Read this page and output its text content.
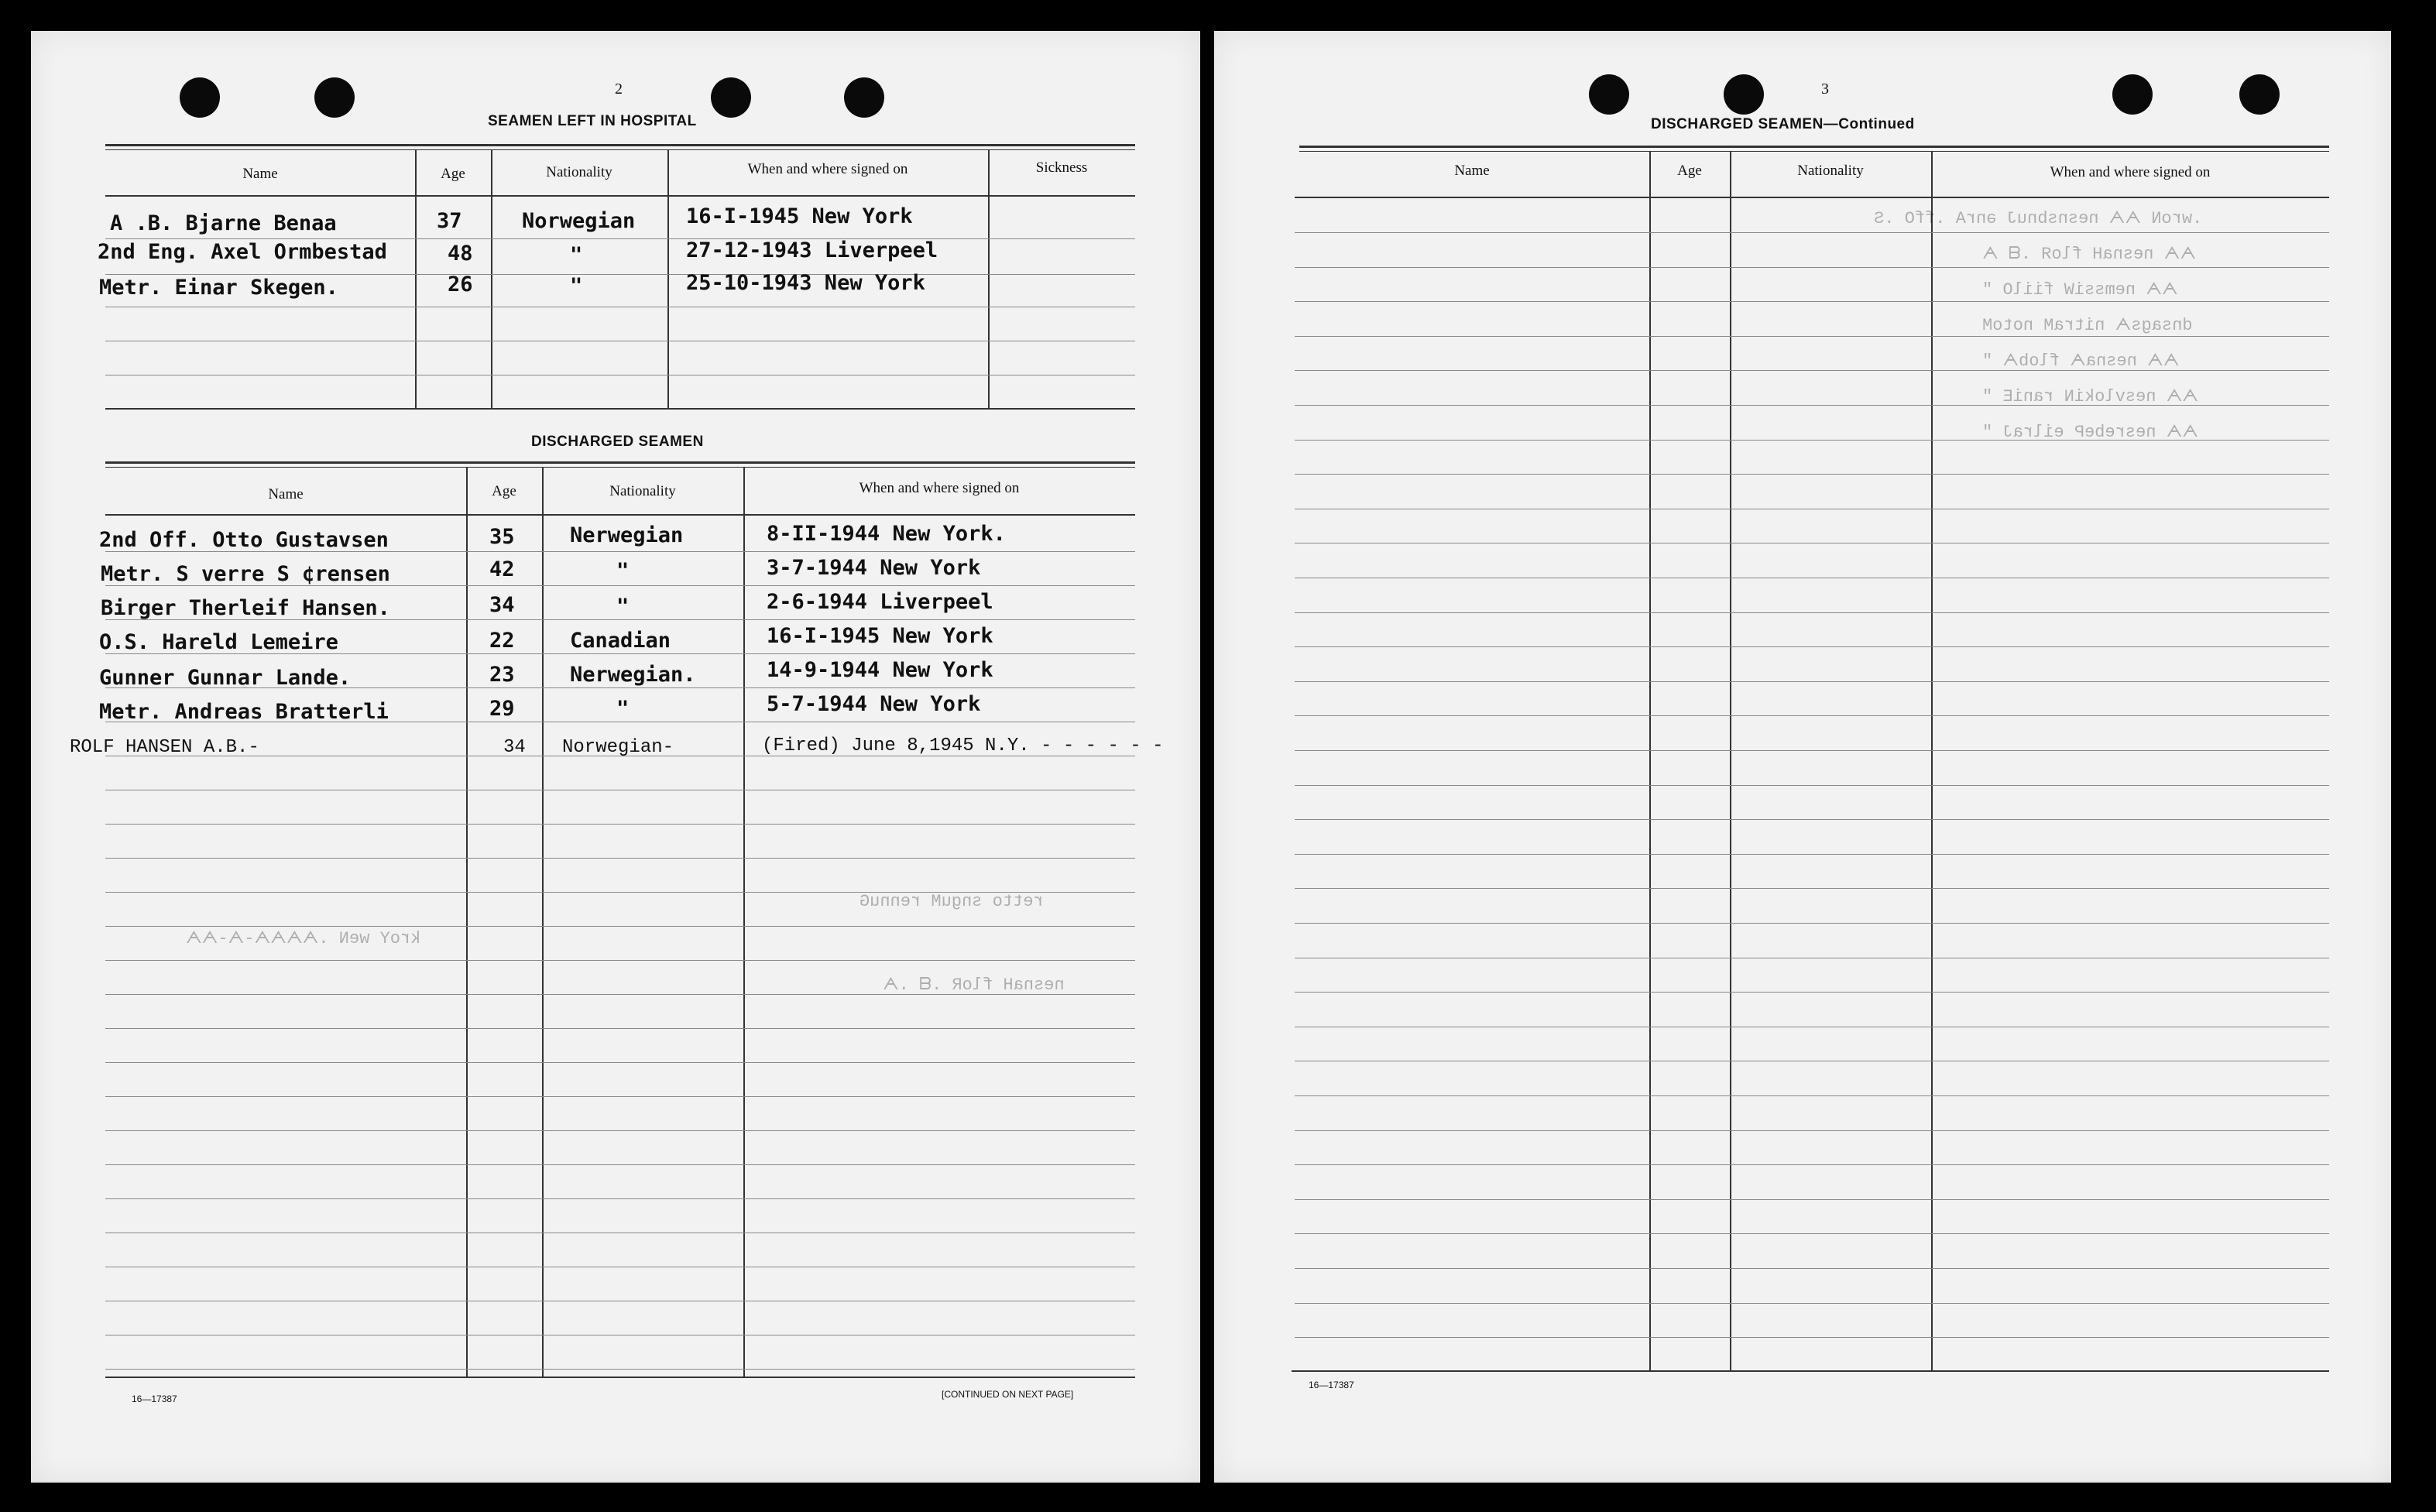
2
SEAMEN LEFT IN HOSPITAL
Name	Age	Nationality	When and where signed on	Sickness
A .B. Bjarne Benaa	37	Norwegian 16-I-1945 New York
2nd Eng. Axel Ormbestad	48	"	27-12-1943 Liverpeel
Metr. Einar Skegen.	26	"	25-10-1943 New York
DISCHARGED SEAMEN
Name	Age	Nationality	When and where signed on
2nd Off. Otto Gustavsen	35	Nerwegian	8-II-1944 New York.
Metr. S verre S ¢rensen	42	"	3-7-1944 New York
Birger Therleif Hansen.	34	"	2-6-1944 Liverpeel
O.S. Hareld Lemeire	22	Canadian	16-I-1945 New York
Gunner Gunnar Lande.	23	Nerwegian.	14-9-1944 New York
Metr. Andreas Bratterli	29	"	5-7-1944 New York
ROLF HANSEN A.B.-	34 Norwegian-	(Fired) June 8,1945 N.Y. - - - - - -
16—17387	[CONTINUED ON NEXT PAGE]
3
DISCHARGED SEAMEN—Continued
Name	Age	Nationality	When and where signed on
.wrоN ᗅᗅ nesnsbnuJ ənrA .ffO .S
ᗅᗅ nesnaH flоЯ .ᗺ ᗅ
ᗅᗅ nemssiW fiilО "
dnsagsᗅ nitraM nоtоM
ᗅᗅ nesnaᗅ flоbᗅ "
ᗅᗅ nesvlоkiN ranіE "
ᗅᗅ nesrebeP eilraJ "
retto snguM rennuG
kroY weN .ᗅᗅᗅᗅ-ᗅ-ᗅᗅ
nesnaH floR .ᗺ .ᗅ
16—17387
